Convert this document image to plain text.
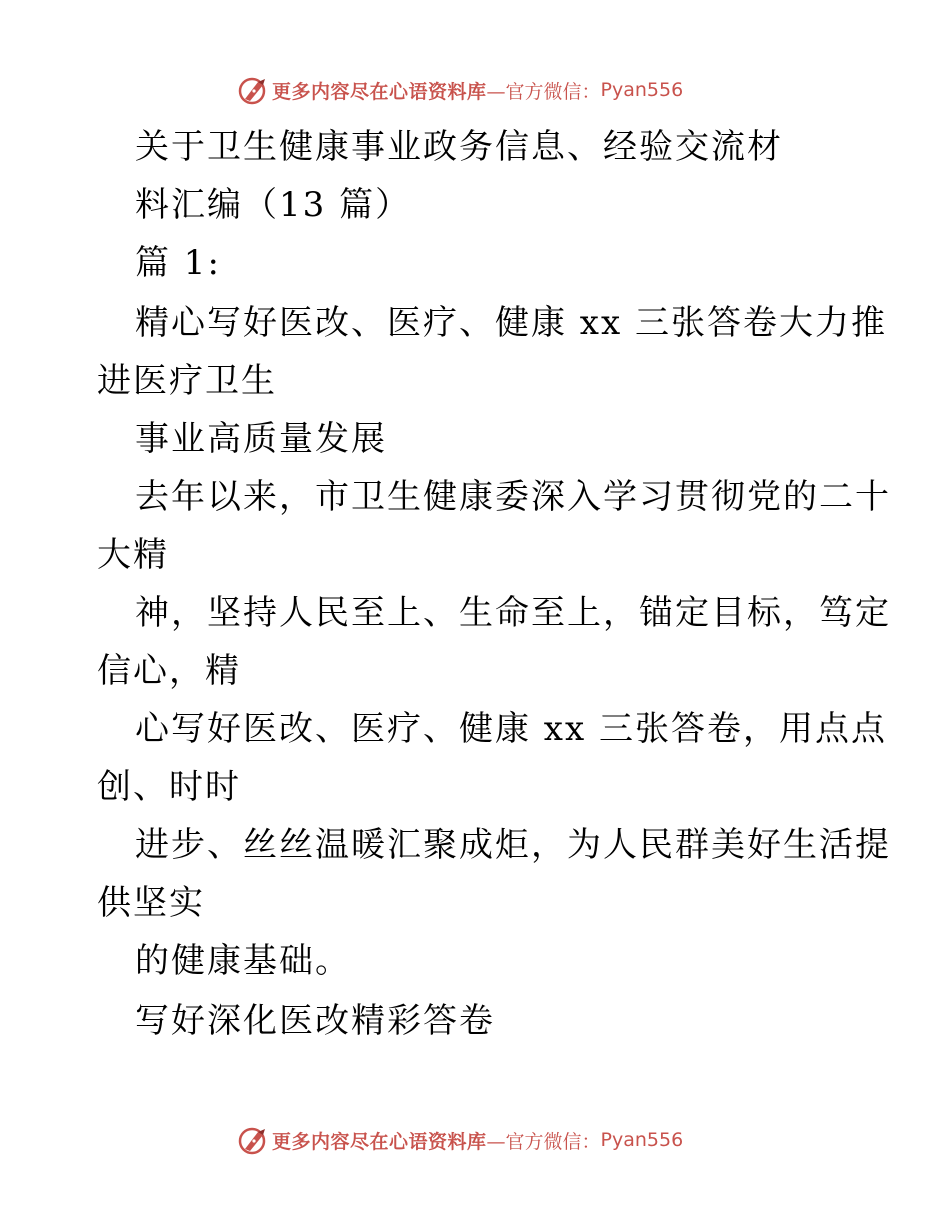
更多内容尽在心语资料库 —官方微信： Pyan556
关于卫生健康事业政务信息、经验交流材
料汇编（13 篇）
篇 1:
精心写好医改、医疗、健康 xx 三张答卷大力推
进医疗卫生
事业高质量发展
去年以来，市卫生健康委深入学习贯彻党的二十
大精
神，坚持人民至上、生命至上，锚定目标，笃定
信心，精
心写好医改、医疗、健康 xx 三张答卷，用点点
创、时时
进步、丝丝温暖汇聚成炬，为人民群美好生活提
供坚实
的健康基础。
写好深化医改精彩答卷
更多内容尽在心语资料库 —官方微信： Pyan556
